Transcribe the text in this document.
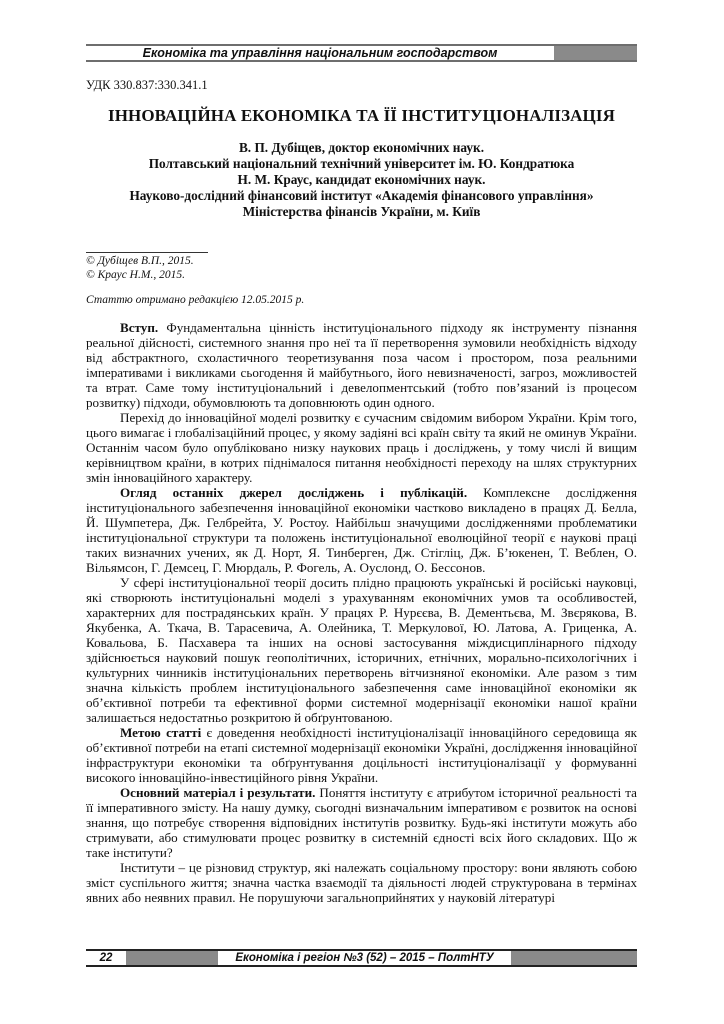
Економіка та управління національним господарством
УДК 330.837:330.341.1
ІННОВАЦІЙНА ЕКОНОМІКА ТА ЇЇ ІНСТИТУЦІОНАЛІЗАЦІЯ
В. П. Дубіщев, доктор економічних наук.
Полтавський національний технічний університет ім. Ю. Кондратюка
Н. М. Краус, кандидат економічних наук.
Науково-дослідний фінансовий інститут «Академія фінансового управління»
Міністерства фінансів України, м. Київ
© Дубіщев В.П., 2015.
© Краус Н.М., 2015.
Статтю отримано редакцією 12.05.2015 р.

Вступ. Фундаментальна цінність інституціонального підходу як інструменту пізнання реальної дійсності, системного знання про неї та її перетворення зумовили необхідність відходу від абстрактного, схоластичного теоретизування поза часом і простором, поза реальними імперативами і викликами сьогодення й майбутнього, його невизначеності, загроз, можливостей та втрат. Саме тому інституціональний і девелопментський (тобто пов’язаний із процесом розвитку) підходи, обумовлюють та доповнюють один одного.

Перехід до інноваційної моделі розвитку є сучасним свідомим вибором України. Крім того, цього вимагає і глобалізаційний процес, у якому задіяні всі країн світу та який не оминув України. Останнім часом було опубліковано низку наукових праць і досліджень, у тому числі й вищим керівництвом країни, в котрих піднімалося питання необхідності переходу на шлях структурних змін інноваційного характеру.

Огляд останніх джерел досліджень і публікацій. Комплексне дослідження інституціонального забезпечення інноваційної економіки частково викладено в працях Д. Белла, Й. Шумпетера, Дж. Гелбрейта, У. Ростоу. Найбільш значущими дослідженнями проблематики інституціональної структури та положень інституціональної еволюційної теорії є наукові праці таких визначних учених, як Д. Норт, Я. Тинберген, Дж. Стігліц, Дж. Б’юкенен, Т. Веблен, О. Вільямсон, Г. Демсец, Г. Мюрдаль, Р. Фогель, А. Оуслонд, О. Бессонов.

У сфері інституціональної теорії досить плідно працюють українські й російські науковці, які створюють інституціональні моделі з урахуванням економічних умов та особливостей, характерних для пострадянських країн. У працях Р. Нурєєва, В. Дементьєва, М. Звєрякова, В. Якубенка, А. Ткача, В. Тарасевича, А. Олейника, Т. Меркулової, Ю. Латова, А. Гриценка, А. Ковальова, Б. Пасхавера та інших на основі застосування міждисциплінарного підходу здійснюється науковий пошук геополітичних, історичних, етнічних, морально-психологічних і культурних чинників інституціональних перетворень вітчизняної економіки. Але разом з тим значна кількість проблем інституціонального забезпечення саме інноваційної економіки як об’єктивної потреби та ефективної форми системної модернізації економіки нашої країни залишається недостатньо розкритою й обґрунтованою.

Метою статті є доведення необхідності інституціоналізації інноваційного середовища як об’єктивної потреби на етапі системної модернізації економіки Україні, дослідження інноваційної інфраструктури економіки та обґрунтування доцільності інституціоналізації у формуванні високого інноваційно-інвестиційного рівня України.

Основний матеріал і результати. Поняття інституту є атрибутом історичної реальності та її імперативного змісту. На нашу думку, сьогодні визначальним імперативом є розвиток на основі знання, що потребує створення відповідних інститутів розвитку. Будь-які інститути можуть або стримувати, або стимулювати процес розвитку в системній єдності всіх його складових. Що ж таке інститути?

Інститути – це різновид структур, які належать соціальному простору: вони являють собою зміст суспільного життя; значна частка взаємодії та діяльності людей структурована в термінах явних або неявних правил. Не порушуючи загальноприйнятих у науковій літературі

22	Економіка і регіон №3 (52) – 2015 – ПолтНТУ
